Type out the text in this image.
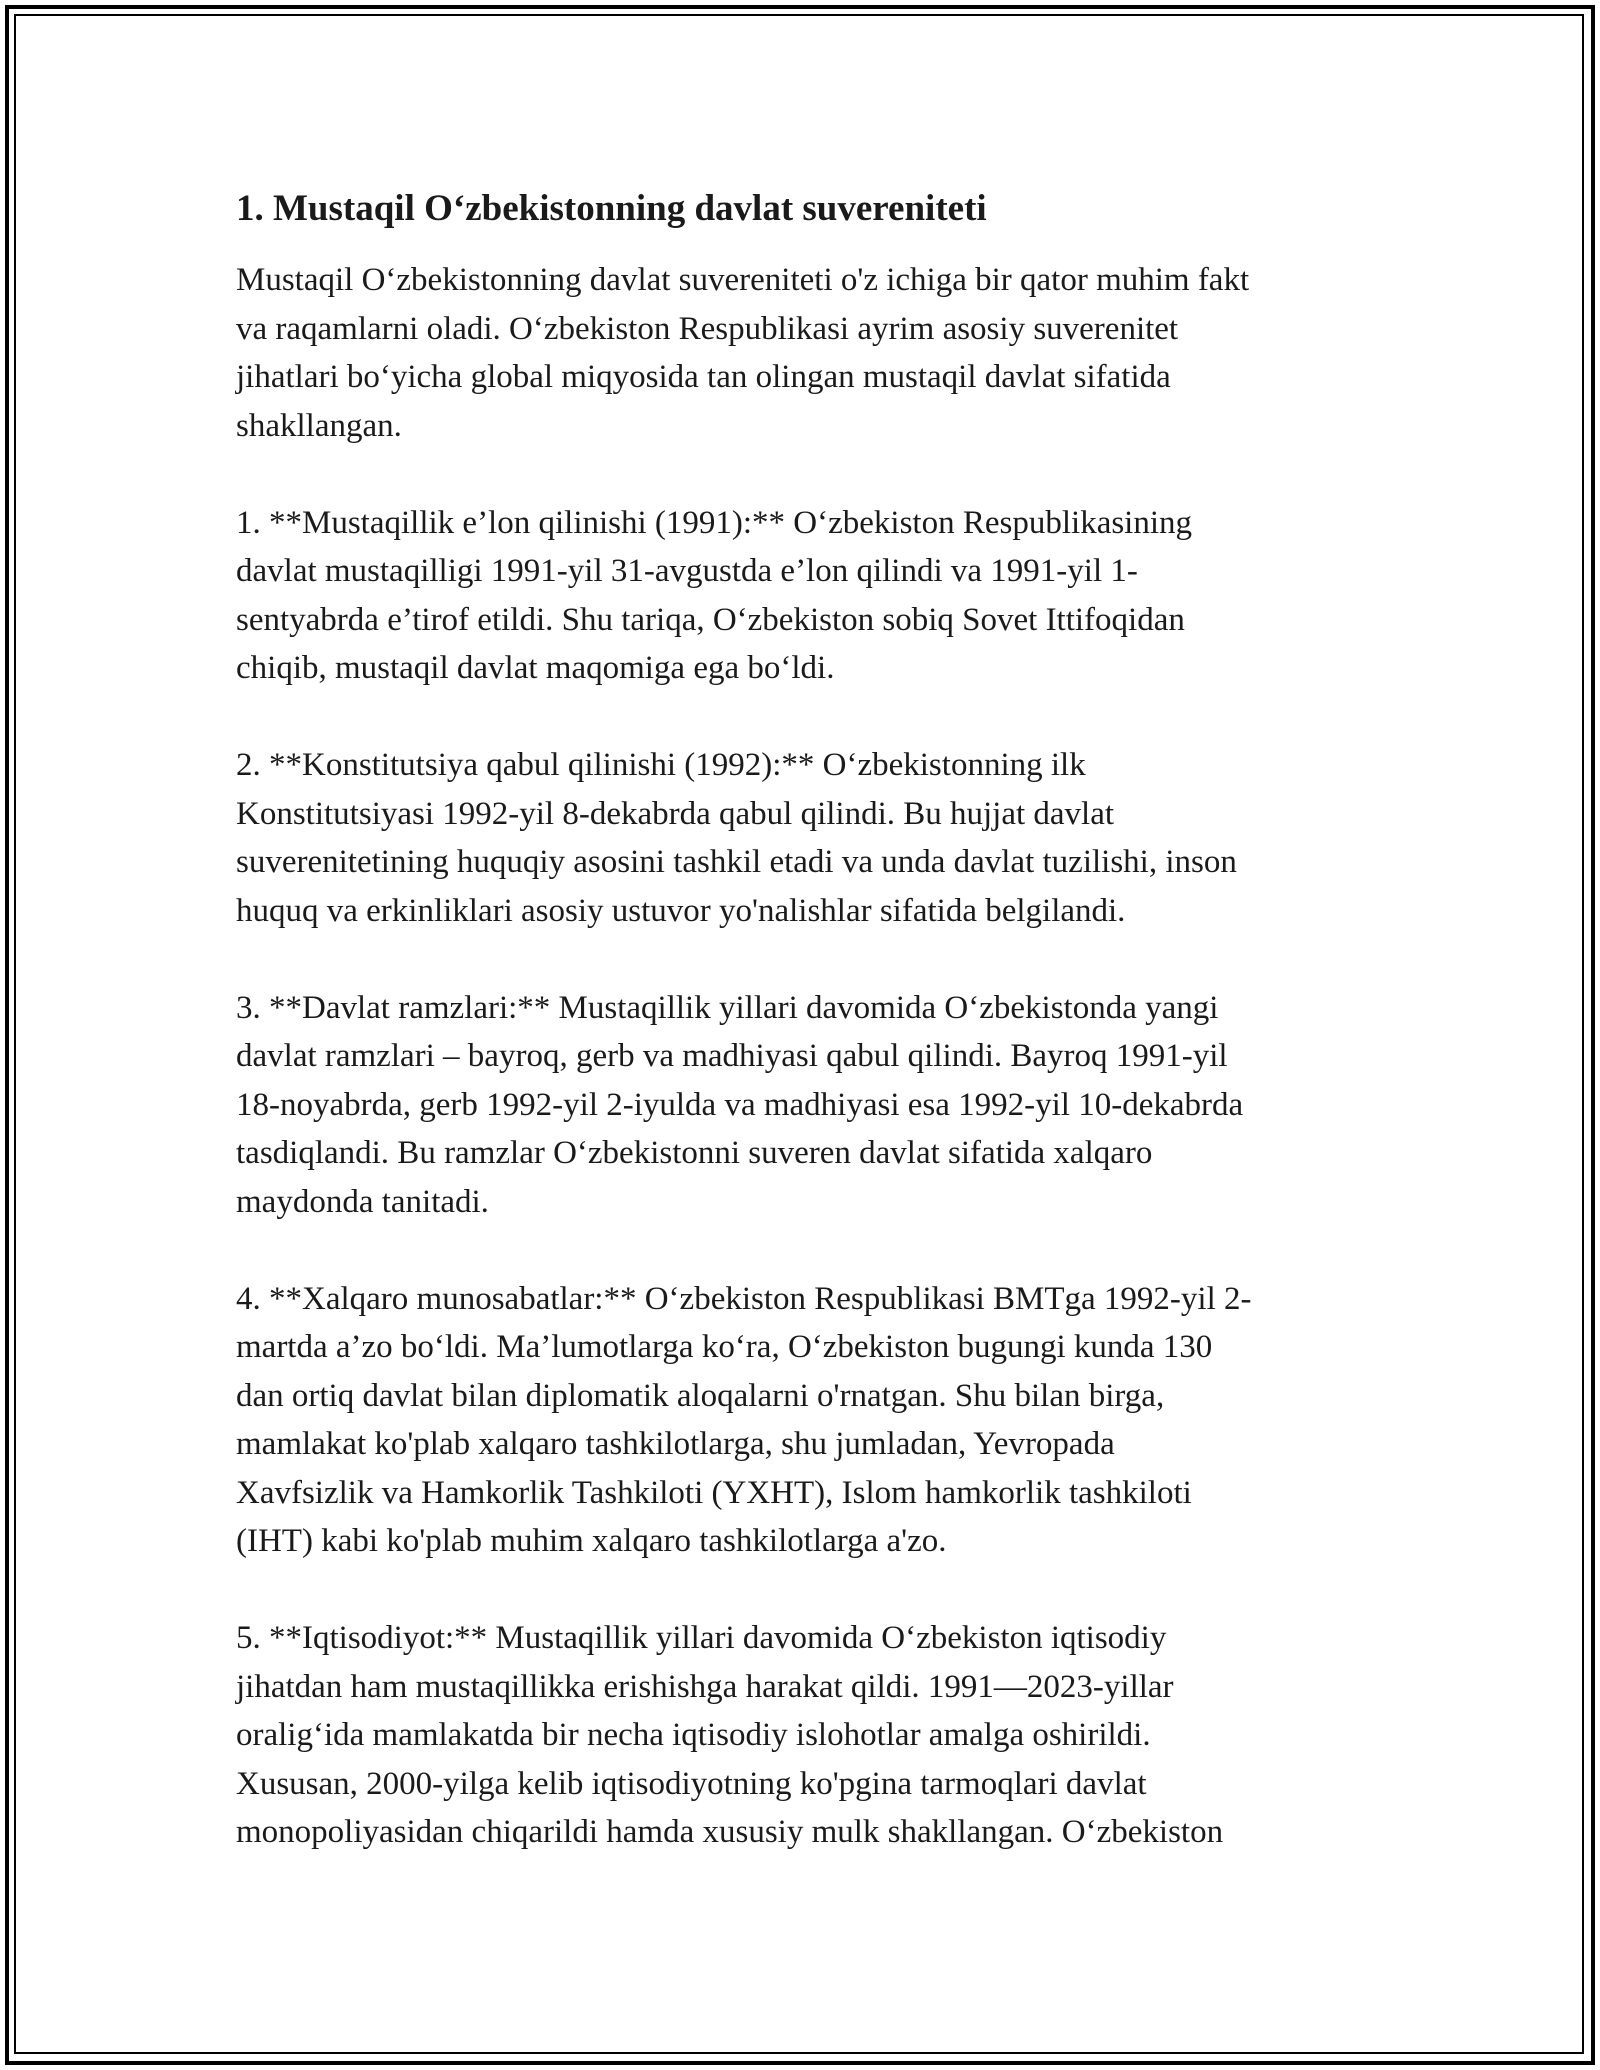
1. Mustaqil O‘zbekistonning davlat suvereniteti
Mustaqil O‘zbekistonning davlat suvereniteti o'z ichiga bir qator muhim fakt
va raqamlarni oladi. O‘zbekiston Respublikasi ayrim asosiy suverenitet
jihatlari bo‘yicha global miqyosida tan olingan mustaqil davlat sifatida
shakllangan.
1. **Mustaqillik e’lon qilinishi (1991):** O‘zbekiston Respublikasining
davlat mustaqilligi 1991-yil 31-avgustda e’lon qilindi va 1991-yil 1-
sentyabrda e’tirof etildi. Shu tariqa, O‘zbekiston sobiq Sovet Ittifoqidan
chiqib, mustaqil davlat maqomiga ega bo‘ldi.
2. **Konstitutsiya qabul qilinishi (1992):** O‘zbekistonning ilk
Konstitutsiyasi 1992-yil 8-dekabrda qabul qilindi. Bu hujjat davlat
suverenitetining huquqiy asosini tashkil etadi va unda davlat tuzilishi, inson
huquq va erkinliklari asosiy ustuvor yo'nalishlar sifatida belgilandi.
3. **Davlat ramzlari:** Mustaqillik yillari davomida O‘zbekistonda yangi
davlat ramzlari – bayroq, gerb va madhiyasi qabul qilindi. Bayroq 1991-yil
18-noyabrda, gerb 1992-yil 2-iyulda va madhiyasi esa 1992-yil 10-dekabrda
tasdiqlandi. Bu ramzlar O‘zbekistonni suveren davlat sifatida xalqaro
maydonda tanitadi.
4. **Xalqaro munosabatlar:** O‘zbekiston Respublikasi BMTga 1992-yil 2-
martda a’zo bo‘ldi. Ma’lumotlarga ko‘ra, O‘zbekiston bugungi kunda 130
dan ortiq davlat bilan diplomatik aloqalarni o'rnatgan. Shu bilan birga,
mamlakat ko'plab xalqaro tashkilotlarga, shu jumladan, Yevropada
Xavfsizlik va Hamkorlik Tashkiloti (YXHT), Islom hamkorlik tashkiloti
(IHT) kabi ko'plab muhim xalqaro tashkilotlarga a'zo.
5. **Iqtisodiyot:** Mustaqillik yillari davomida O‘zbekiston iqtisodiy
jihatdan ham mustaqillikka erishishga harakat qildi. 1991—2023-yillar
oralig‘ida mamlakatda bir necha iqtisodiy islohotlar amalga oshirildi.
Xususan, 2000-yilga kelib iqtisodiyotning ko'pgina tarmoqlari davlat
monopoliyasidan chiqarildi hamda xususiy mulk shakllangan. O‘zbekiston
